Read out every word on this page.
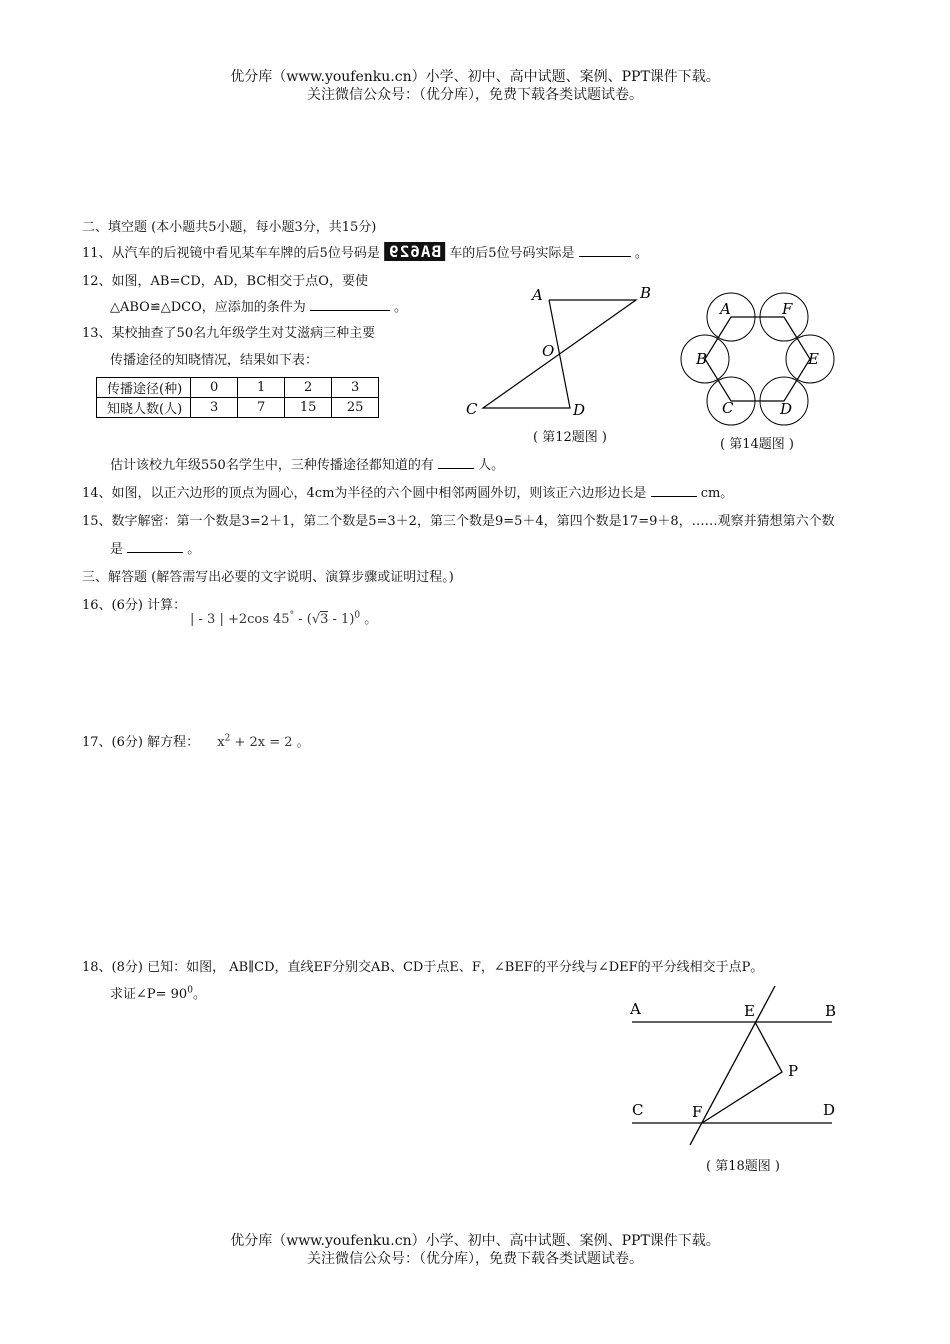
优分库（www.youfenku.cn）小学、初中、高中试题、案例、PPT课件下载。
关注微信公众号：（优分库），免费下载各类试题试卷。
二、填空题 (本小题共5小题，每小题3分，共15分)
11、从汽车的后视镜中看见某车车牌的后5位号码是 BA629 车的后5位号码实际是	。
12、如图，AB=CD，AD，BC相交于点O，要使
△ABO≌△DCO，应添加的条件为	。
13、某校抽查了50名九年级学生对艾滋病三种主要
传播途径的知晓情况，结果如下表：
传播途径(种)	0	1	2	3
知晓人数(人)	3	7	15	25
估计该校九年级550名学生中，三种传播途径都知道的有	人。
14、如图，以正六边形的顶点为圆心，4cm为半径的六个圆中相邻两圆外切，则该正六边形边长是	cm。
15、数字解密：第一个数是3=2＋1，第二个数是5=3＋2，第三个数是9=5＋4，第四个数是17=9＋8，……观察并猜想第六个数
是	。
三、解答题 (解答需写出必要的文字说明、演算步骤或证明过程。)
16、(6分) 计算：
| - 3 | +2cos 45° - (√3 - 1)$^0$ 。
17、(6分) 解方程： $x^2 + 2x = 2$ 。
18、(8分) 已知：如图， AB∥CD，直线EF分别交AB、CD于点E、F，∠BEF的平分线与∠DEF的平分线相交于点P。
求证∠P= $90^0$。
A	B
O
C	D
( 第12题图 )
A	F
B	E
C	D
( 第14题图 )
A	E	B
P
C	F	D
( 第18题图 )
优分库（www.youfenku.cn）小学、初中、高中试题、案例、PPT课件下载。
关注微信公众号：（优分库），免费下载各类试题试卷。
